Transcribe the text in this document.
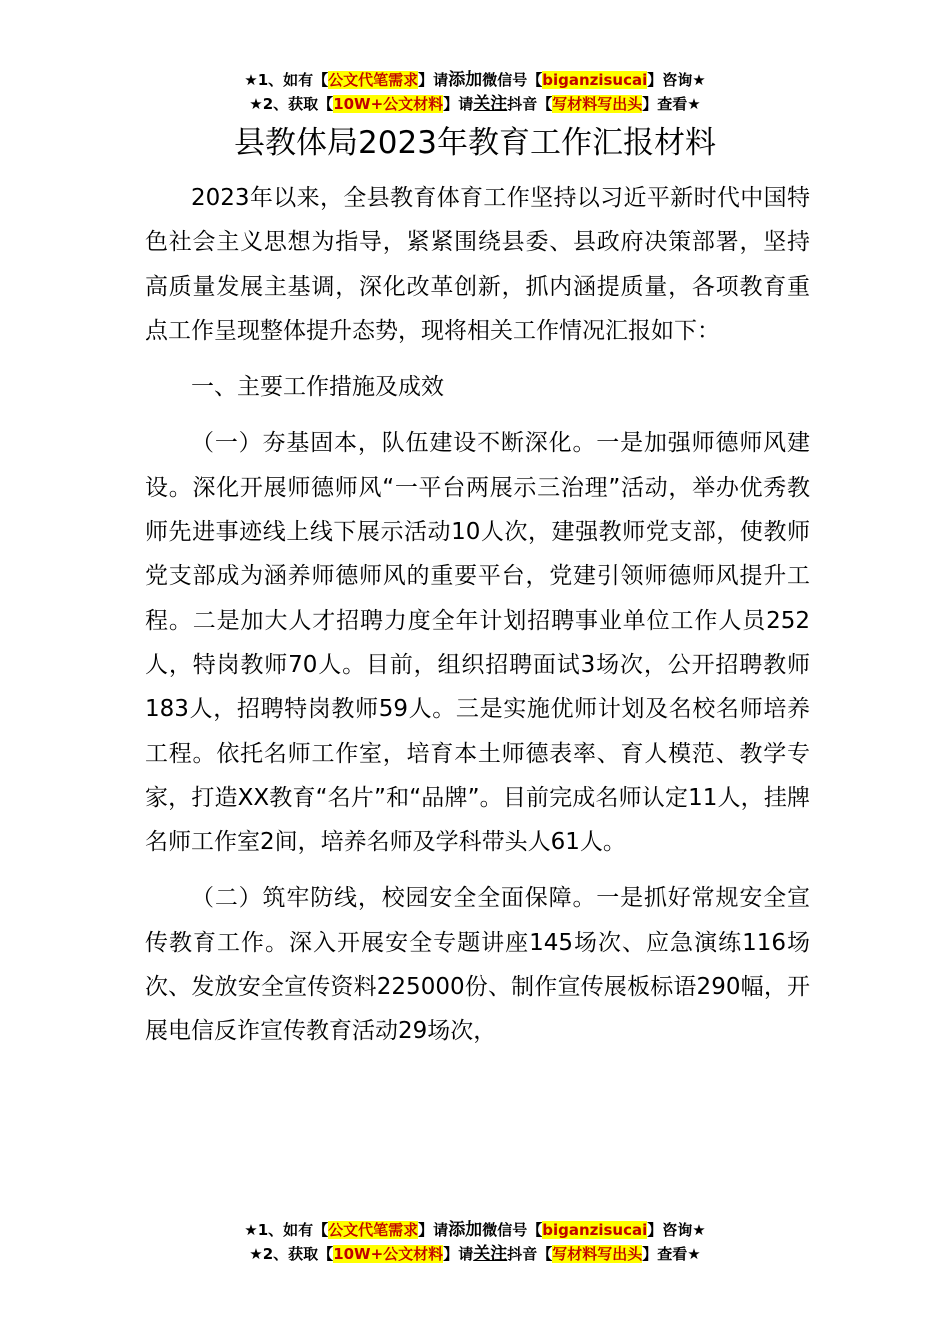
★1、如有【公文代笔需求】请添加微信号【biganzisucai】咨询★
★2、获取【10W+公文材料】请关注抖音【写材料写出头】查看★
县教体局2023年教育工作汇报材料

2023年以来，全县教育体育工作坚持以习近平新时代中国特色社会主义思想为指导，紧紧围绕县委、县政府决策部署，坚持高质量发展主基调，深化改革创新，抓内涵提质量，各项教育重点工作呈现整体提升态势，现将相关工作情况汇报如下：

一、主要工作措施及成效

（一）夯基固本，队伍建设不断深化。一是加强师德师风建设。深化开展师德师风“一平台两展示三治理”活动，举办优秀教师先进事迹线上线下展示活动10人次，建强教师党支部，使教师党支部成为涵养师德师风的重要平台，党建引领师德师风提升工程。二是加大人才招聘力度全年计划招聘事业单位工作人员252人，特岗教师70人。目前，组织招聘面试3场次，公开招聘教师183人，招聘特岗教师59人。三是实施优师计划及名校名师培养工程。依托名师工作室，培育本土师德表率、育人模范、教学专家，打造XX教育“名片”和“品牌”。目前完成名师认定11人，挂牌名师工作室2间，培养名师及学科带头人61人。

（二）筑牢防线，校园安全全面保障。一是抓好常规安全宣传教育工作。深入开展安全专题讲座145场次、应急演练116场次、发放安全宣传资料225000份、制作宣传展板标语290幅，开展电信反诈宣传教育活动29场次，

★1、如有【公文代笔需求】请添加微信号【biganzisucai】咨询★
★2、获取【10W+公文材料】请关注抖音【写材料写出头】查看★
